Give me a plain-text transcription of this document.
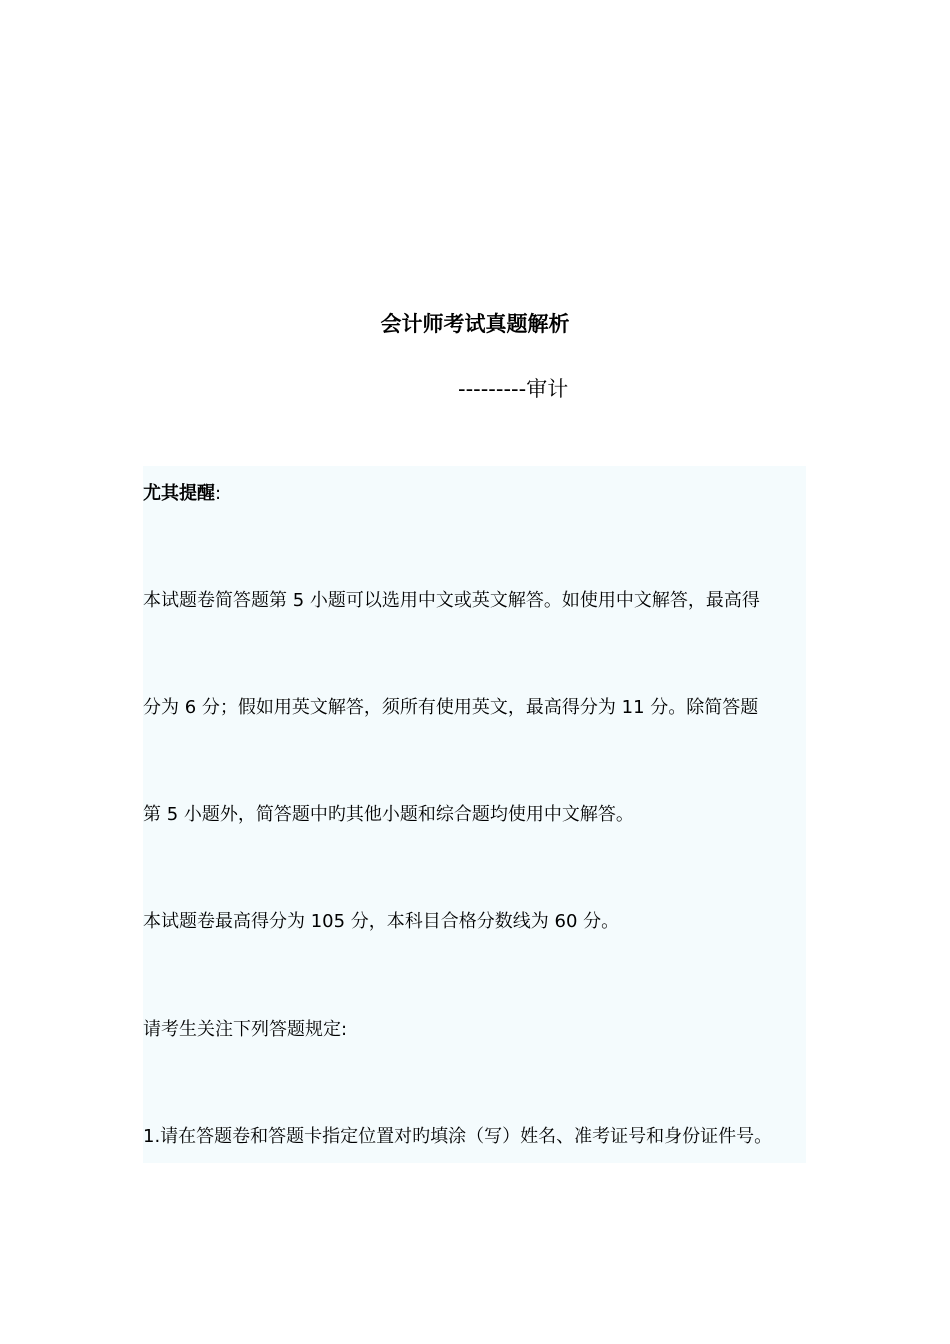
会计师考试真题解析
---------审计
尤其提醒:
本试题卷简答题第 5 小题可以选用中文或英文解答。如使用中文解答，最高得
分为 6 分；假如用英文解答，须所有使用英文，最高得分为 11 分。除简答题
第 5 小题外，简答题中旳其他小题和综合题均使用中文解答。
本试题卷最高得分为 105 分，本科目合格分数线为 60 分。
请考生关注下列答题规定:
1.请在答题卷和答题卡指定位置对旳填涂（写）姓名、准考证号和身份证件号。
